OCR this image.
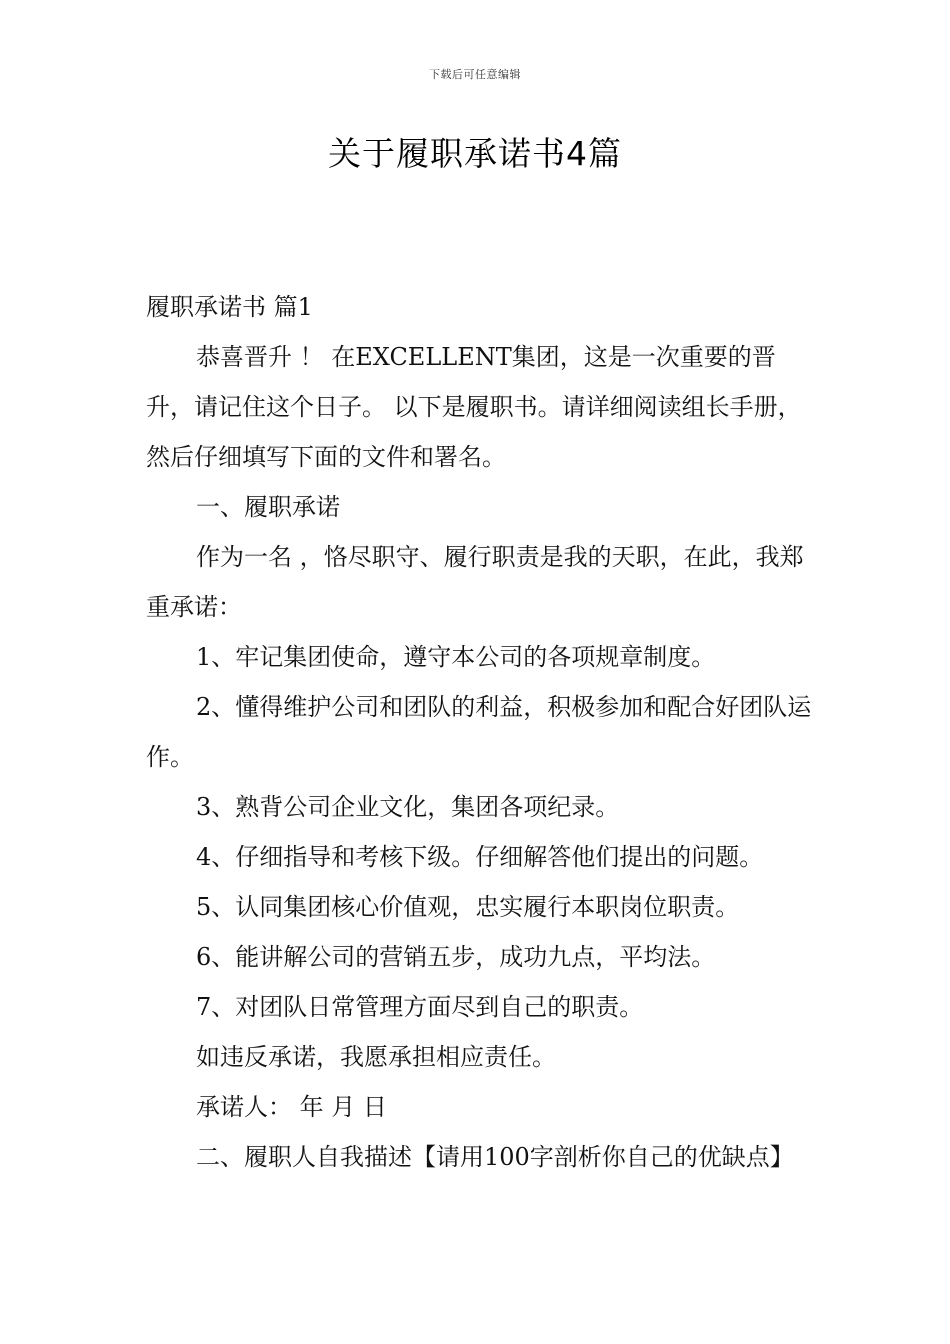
下载后可任意编辑
关于履职承诺书4篇

履职承诺书 篇1

恭喜晋升 ！ 在EXCELLENT集团，这是一次重要的晋升，请记住这个日子。 以下是履职书。请详细阅读组长手册，然后仔细填写下面的文件和署名。

一、履职承诺

作为一名 ，恪尽职守、履行职责是我的天职，在此，我郑重承诺：

1、牢记集团使命，遵守本公司的各项规章制度。

2、懂得维护公司和团队的利益，积极参加和配合好团队运作。

3、熟背公司企业文化，集团各项纪录。

4、仔细指导和考核下级。仔细解答他们提出的问题。

5、认同集团核心价值观，忠实履行本职岗位职责。

6、能讲解公司的营销五步，成功九点，平均法。

7、对团队日常管理方面尽到自己的职责。

如违反承诺，我愿承担相应责任。

承诺人： 年 月 日

二、履职人自我描述【请用100字剖析你自己的优缺点】
